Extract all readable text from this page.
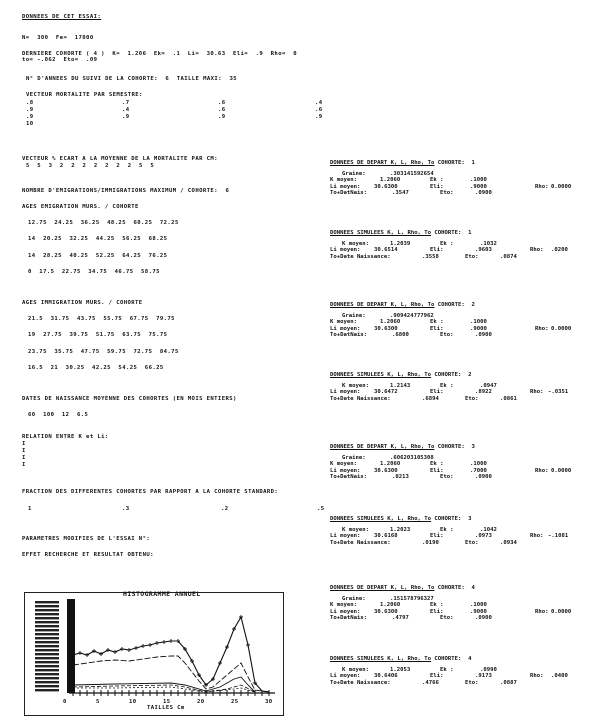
DONNEES DE CET ESSAI:
N=  300  Fe=  17000
DERNIERE COHORTE ( 4 )  K=  1.206  Ek=  .1  Li=  30.63  Eli=  .9  Rho=  0
to= -.062  Eto=  .09
N° D'ANNEES DU SUIVI DE LA COHORTE:  6  TAILLE MAXI:  35
VECTEUR MORTALITE PAR SEMESTRE:
.8	.7	.6	.4
.9	.4	.6	.6
.9	.9	.9	.9
10
VECTEUR % ECART A LA MOYENNE DE LA MORTALITE PAR CM:
5  5  3  2  2  2  2  2  2  2  5  5
NOMBRE D'EMIGRATIONS/IMMIGRATIONS MAXIMUM / COHORTE:  6
AGES EMIGRATION MURS. / COHORTE
12.75  24.25  36.25  48.25  60.25  72.25
14  20.25  32.25  44.25  56.25  68.25
14  28.25  40.25  52.25  64.25  76.25
0  17.5  22.75  34.75  46.75  58.75
AGES IMMIGRATION MURS. / COHORTE
21.5  31.75  43.75  55.75  67.75  79.75
19  27.75  39.75  51.75  63.75  75.75
23.75  35.75  47.75  59.75  72.75  84.75
16.5  21  30.25  42.25  54.25  66.25
DATES DE NAISSANCE MOYENNE DES COHORTES (EN MOIS ENTIERS)
60  100  12  6.5
RELATION ENTRE K et Li:
I
I
I
I
FRACTION DES DIFFERENTES COHORTES PAR RAPPORT A LA COHORTE STANDARD:
1	.3	.2	.5
PARAMETRES MODIFIES DE L'ESSAI N°:
EFFET RECHERCHE ET RESULTAT OBTENU:
HISTOGRAMME ANNUEL
0	5	10	15	20	25	30
TAILLES Cm
DONNEES DE DEPART K, L, Rho, To COHORTE: 1
Graine:	.303141592654
K moyen:	1.2060	Ek :	.1000
Li moyen: 30.6300	Eli:	.9000	Rho: 0.0000
To+DatNais:	.3547	Eto:	.0900
DONNEES SIMULEES K, L, Rho, To COHORTE: 1
K moyen:	1.2039	Ek :	.1032
Li moyen: 30.6514	Eli:	.9603	Rho: .0200
To+Date Naissance:	.3558	Eto:	.0874
DONNEES DE DEPART K, L, Rho, To COHORTE: 2
Graine:	.909424777962
K moyen:	1.2060	Ek :	.1000
Li moyen: 30.6300	Eli:	.9000	Rho: 0.0000
To+DatNais:	.6800	Eto:	.0900
DONNEES SIMULEES K, L, Rho, To COHORTE: 2
K moyen:	1.2143	Ek :	.0947
Li moyen: 30.6472	Eli:	.8922	Rho: -.0351
To+Date Naissance:	.6894	Eto:	.0861
DONNEES DE DEPART K, L, Rho, To COHORTE: 3
Graine:	.606203105308
K moyen:	1.2060	Ek :	.1000
Li moyen: 30.6300	Eli:	.7000	Rho: 0.0000
To+DatNais:	.0213	Eto:	.0900
DONNEES SIMULEES K, L, Rho, To COHORTE: 3
K moyen:	1.2023	Ek :	.1042
Li moyen: 30.6168	Eli:	.0973	Rho: -.1081
To+Date Naissance:	.0190	Eto:	.0934
DONNEES DE DEPART K, L, Rho, To COHORTE: 4
Graine:	.151578796327
K moyen:	1.2060	Ek :	.1000
Li moyen: 30.6300	Eli:	.9000	Rho: 0.0000
To+DatNais:	.4797	Eto:	.0900
DONNEES SIMULEES K, L, Rho, To COHORTE: 4
K moyen:	1.2053	Ek :	.0990
Li moyen: 30.6406	Eli:	.9173	Rho: .0400
To+Date Naissance:	.4766	Eto:	.0887
